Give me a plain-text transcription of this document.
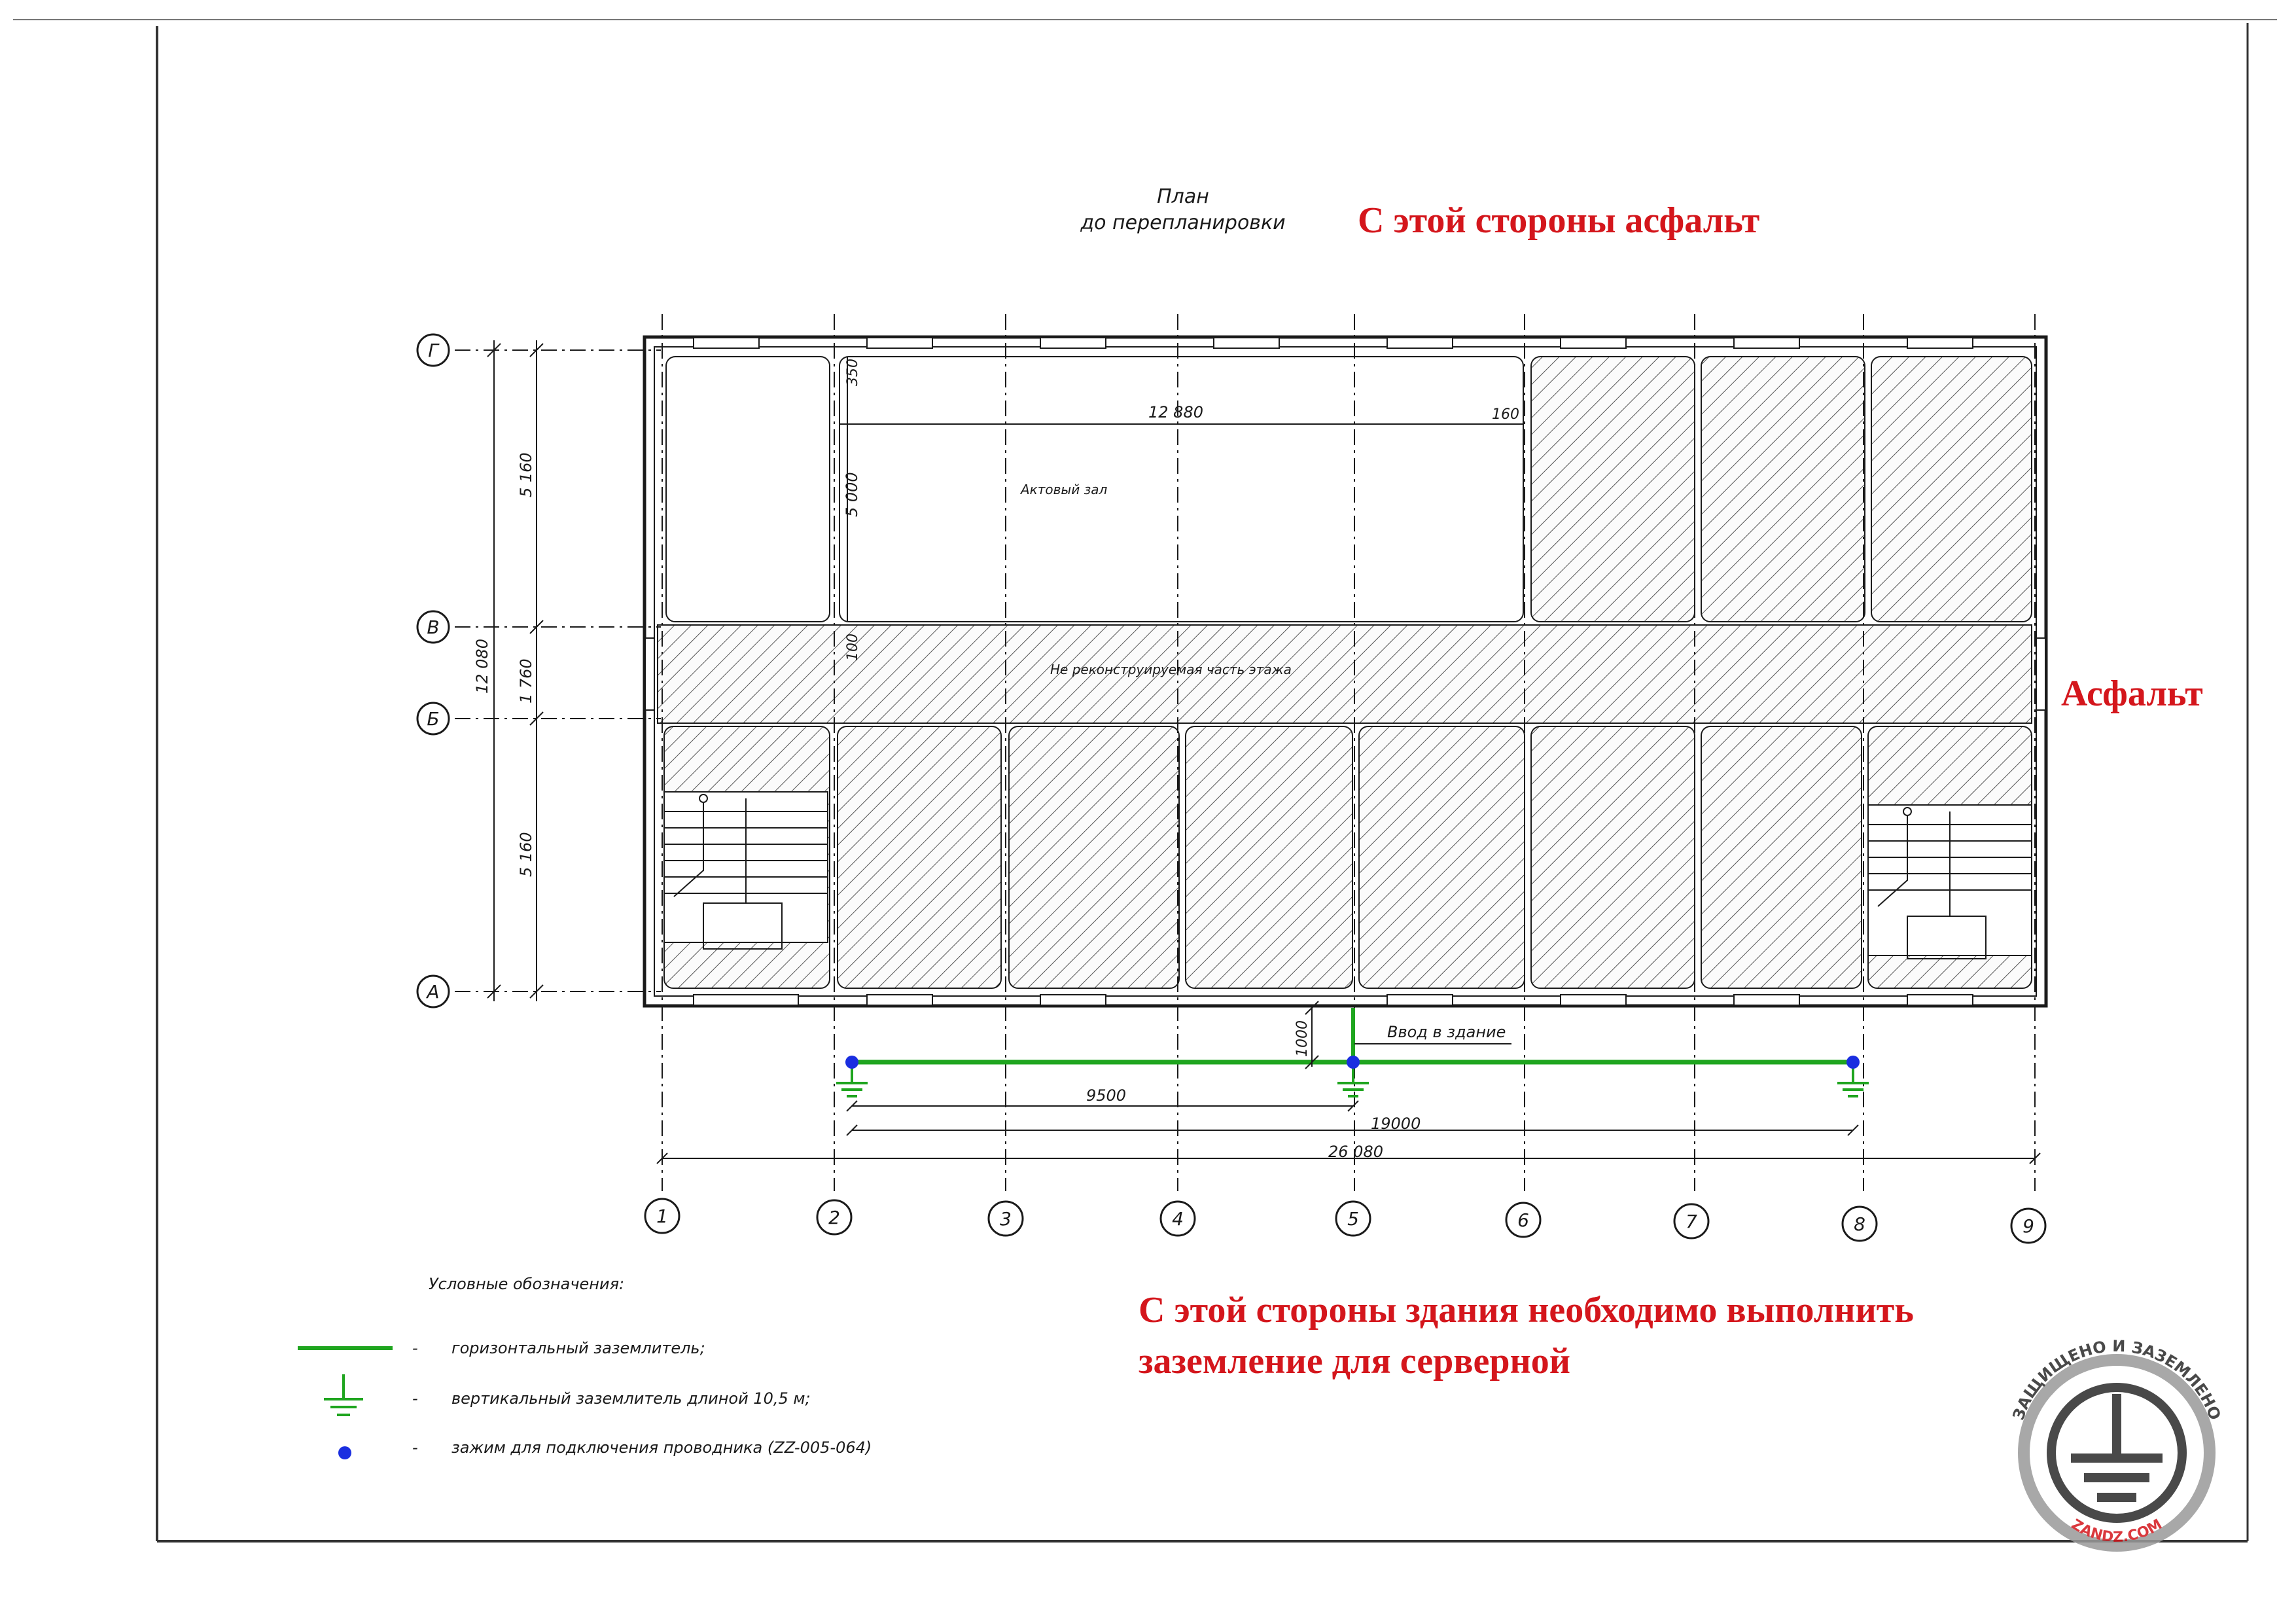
План
до перепланировки С этой стороны асфальт
Асфальт
С этой стороны здания необходимо выполнить
заземление для серверной
Не реконструируемая часть этажа
Актовый зал
12 880	160
5 000
350
100
Г
В
Б
А
12 080
5 160
1 760
5 160
Ввод в здание
1000
9500
19000
26 080
1	2	3	4	5	6	7	8	9
Условные обозначения:
- горизонтальный заземлитель;
- вертикальный заземлитель длиной 10,5 м;
- зажим для подключения проводника (ZZ-005-064)
ЗАЩИЩЕНО И ЗАЗЕМЛЕНО
ZANDZ.COM
